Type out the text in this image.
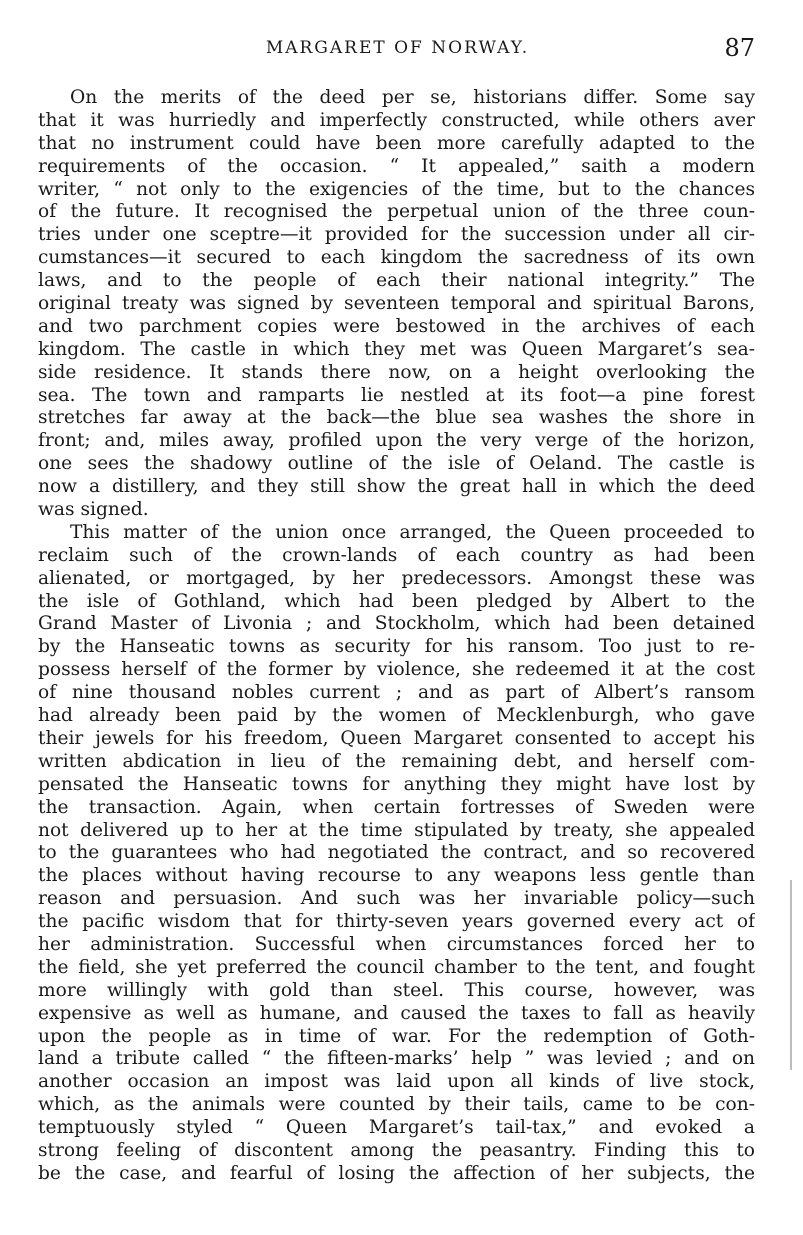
MARGARET OF NORWAY.	87
On the merits of the deed per se, historians differ. Some say
that it was hurriedly and imperfectly constructed, while others aver
that no instrument could have been more carefully adapted to the
requirements of the occasion. “ It appealed,” saith a modern
writer, “ not only to the exigencies of the time, but to the chances
of the future. It recognised the perpetual union of the three coun-
tries under one sceptre—it provided for the succession under all cir-
cumstances—it secured to each kingdom the sacredness of its own
laws, and to the people of each their national integrity.” The
original treaty was signed by seventeen temporal and spiritual Barons,
and two parchment copies were bestowed in the archives of each
kingdom. The castle in which they met was Queen Margaret’s sea-
side residence. It stands there now, on a height overlooking the
sea. The town and ramparts lie nestled at its foot—a pine forest
stretches far away at the back—the blue sea washes the shore in
front; and, miles away, profiled upon the very verge of the horizon,
one sees the shadowy outline of the isle of Oeland. The castle is
now a distillery, and they still show the great hall in which the deed
was signed.
This matter of the union once arranged, the Queen proceeded to
reclaim such of the crown-lands of each country as had been
alienated, or mortgaged, by her predecessors. Amongst these was
the isle of Gothland, which had been pledged by Albert to the
Grand Master of Livonia ; and Stockholm, which had been detained
by the Hanseatic towns as security for his ransom. Too just to re-
possess herself of the former by violence, she redeemed it at the cost
of nine thousand nobles current ; and as part of Albert’s ransom
had already been paid by the women of Mecklenburgh, who gave
their jewels for his freedom, Queen Margaret consented to accept his
written abdication in lieu of the remaining debt, and herself com-
pensated the Hanseatic towns for anything they might have lost by
the transaction. Again, when certain fortresses of Sweden were
not delivered up to her at the time stipulated by treaty, she appealed
to the guarantees who had negotiated the contract, and so recovered
the places without having recourse to any weapons less gentle than
reason and persuasion. And such was her invariable policy—such
the pacific wisdom that for thirty-seven years governed every act of
her administration. Successful when circumstances forced her to
the field, she yet preferred the council chamber to the tent, and fought
more willingly with gold than steel. This course, however, was
expensive as well as humane, and caused the taxes to fall as heavily
upon the people as in time of war. For the redemption of Goth-
land a tribute called “ the fifteen-marks’ help ” was levied ; and on
another occasion an impost was laid upon all kinds of live stock,
which, as the animals were counted by their tails, came to be con-
temptuously styled “ Queen Margaret’s tail-tax,” and evoked a
strong feeling of discontent among the peasantry. Finding this to
be the case, and fearful of losing the affection of her subjects, the
